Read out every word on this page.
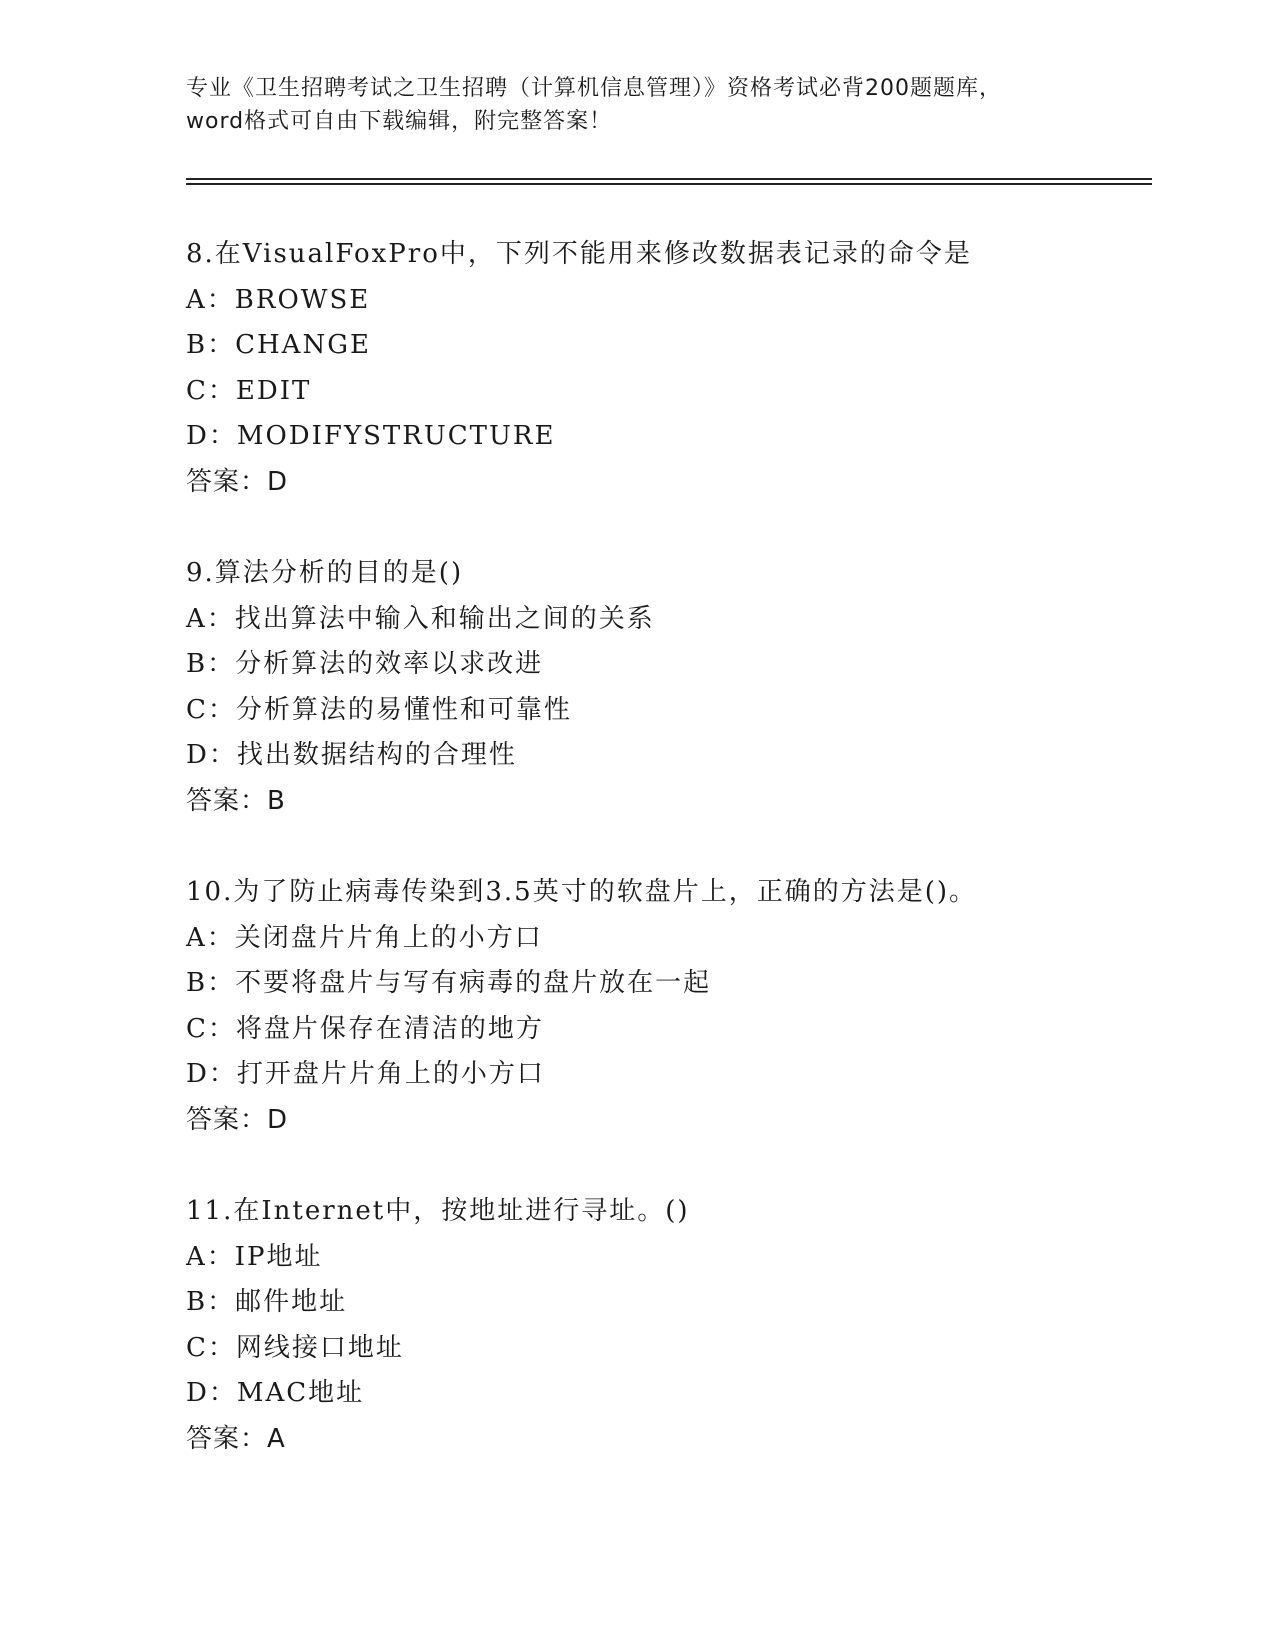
专业《卫生招聘考试之卫生招聘（计算机信息管理）》资格考试必背200题题库，
word格式可自由下载编辑，附完整答案！
8.在VisualFoxPro中，下列不能用来修改数据表记录的命令是
A：BROWSE
B：CHANGE
C：EDIT
D：MODIFYSTRUCTURE
答案：D
9.算法分析的目的是()
A：找出算法中输入和输出之间的关系
B：分析算法的效率以求改进
C：分析算法的易懂性和可靠性
D：找出数据结构的合理性
答案：B
10.为了防止病毒传染到3.5英寸的软盘片上，正确的方法是()。
A：关闭盘片片角上的小方口
B：不要将盘片与写有病毒的盘片放在一起
C：将盘片保存在清洁的地方
D：打开盘片片角上的小方口
答案：D
11.在Internet中，按地址进行寻址。()
A：IP地址
B：邮件地址
C：网线接口地址
D：MAC地址
答案：A
